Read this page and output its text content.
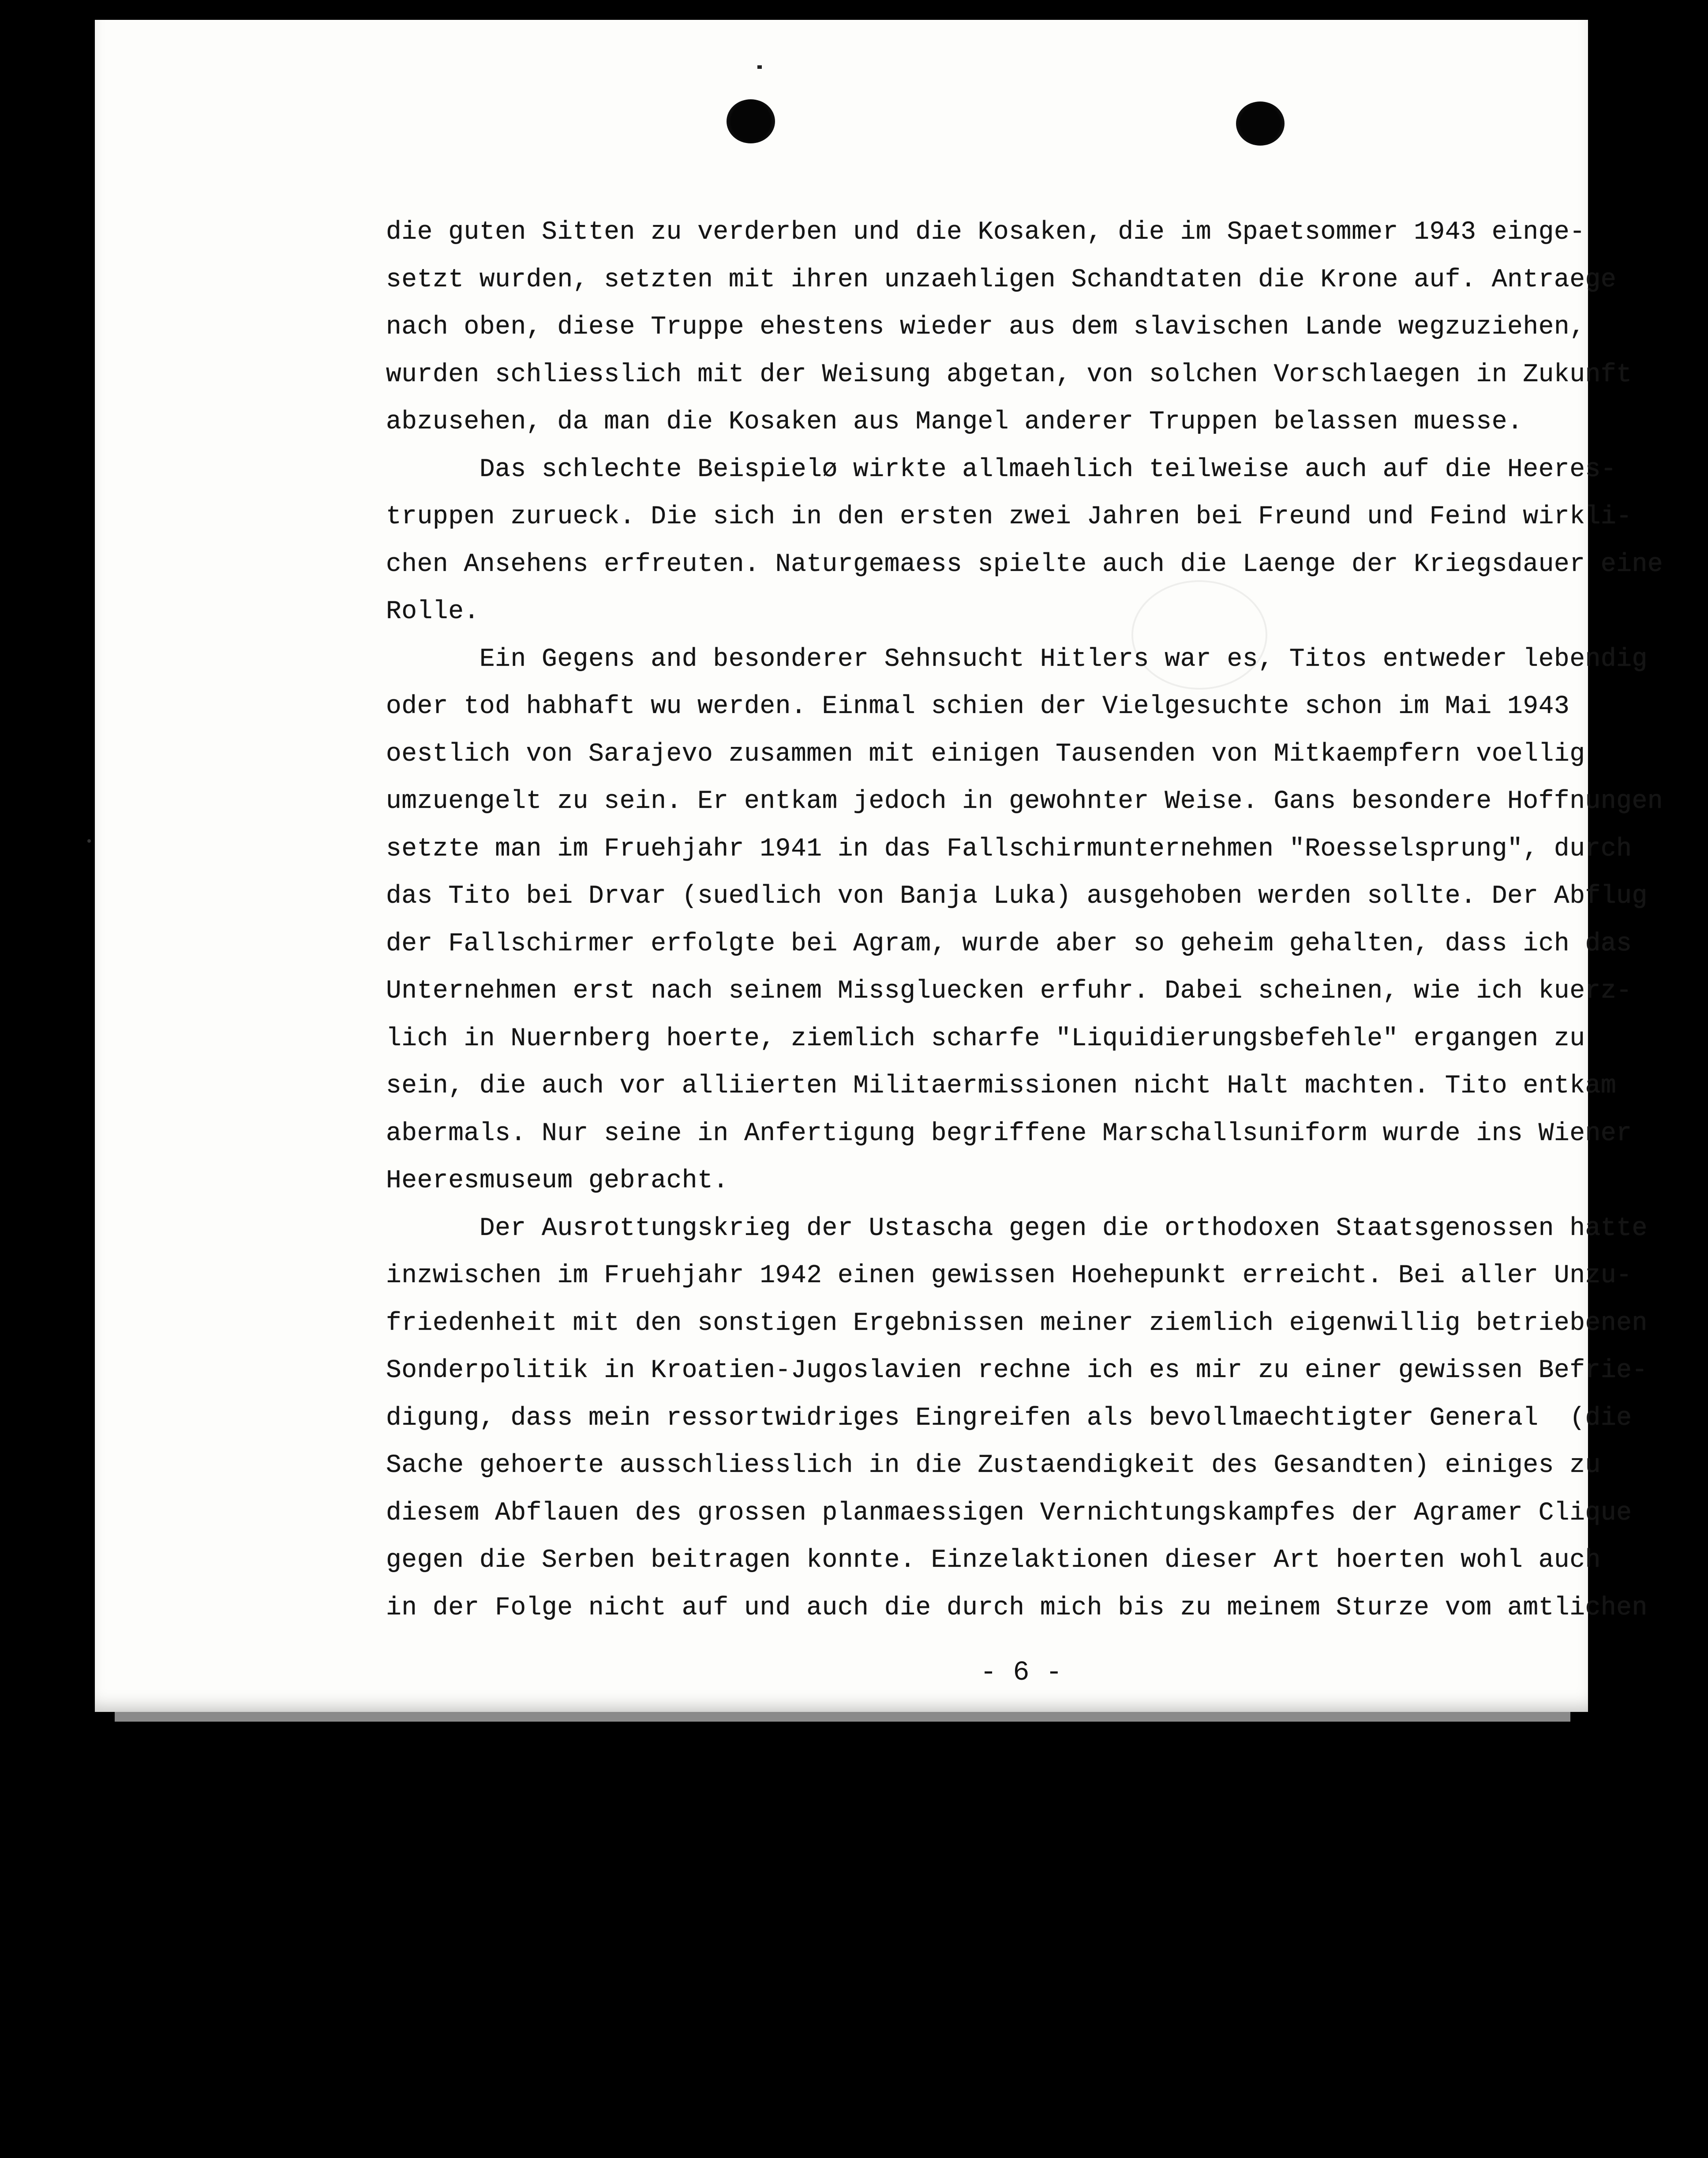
die guten Sitten zu verderben und die Kosaken, die im Spaetsommer 1943 einge-
setzt wurden, setzten mit ihren unzaehligen Schandtaten die Krone auf. Antraege
nach oben, diese Truppe ehestens wieder aus dem slavischen Lande wegzuziehen,
wurden schliesslich mit der Weisung abgetan, von solchen Vorschlaegen in Zukunft
abzusehen, da man die Kosaken aus Mangel anderer Truppen belassen muesse.
Das schlechte Beispielø wirkte allmaehlich teilweise auch auf die Heeres-
truppen zurueck. Die sich in den ersten zwei Jahren bei Freund und Feind wirkli-
chen Ansehens erfreuten. Naturgemaess spielte auch die Laenge der Kriegsdauer eine
Rolle.
Ein Gegens and besonderer Sehnsucht Hitlers war es, Titos entweder lebendig
oder tod habhaft wu werden. Einmal schien der Vielgesuchte schon im Mai 1943
oestlich von Sarajevo zusammen mit einigen Tausenden von Mitkaempfern voellig
umzuengelt zu sein. Er entkam jedoch in gewohnter Weise. Gans besondere Hoffnungen
setzte man im Fruehjahr 1941 in das Fallschirmunternehmen "Roesselsprung", durch
das Tito bei Drvar (suedlich von Banja Luka) ausgehoben werden sollte. Der Abflug
der Fallschirmer erfolgte bei Agram, wurde aber so geheim gehalten, dass ich das
Unternehmen erst nach seinem Missgluecken erfuhr. Dabei scheinen, wie ich kuerz-
lich in Nuernberg hoerte, ziemlich scharfe "Liquidierungsbefehle" ergangen zu
sein, die auch vor alliierten Militaermissionen nicht Halt machten. Tito entkam
abermals. Nur seine in Anfertigung begriffene Marschallsuniform wurde ins Wiener
Heeresmuseum gebracht.
Der Ausrottungskrieg der Ustascha gegen die orthodoxen Staatsgenossen hatte
inzwischen im Fruehjahr 1942 einen gewissen Hoehepunkt erreicht. Bei aller Unzu-
friedenheit mit den sonstigen Ergebnissen meiner ziemlich eigenwillig betriebenen
Sonderpolitik in Kroatien-Jugoslavien rechne ich es mir zu einer gewissen Befrie-
digung, dass mein ressortwidriges Eingreifen als bevollmaechtigter General  (die
Sache gehoerte ausschliesslich in die Zustaendigkeit des Gesandten) einiges zu
diesem Abflauen des grossen planmaessigen Vernichtungskampfes der Agramer Clique
gegen die Serben beitragen konnte. Einzelaktionen dieser Art hoerten wohl auch
in der Folge nicht auf und auch die durch mich bis zu meinem Sturze vom amtlichen
- 6 -
